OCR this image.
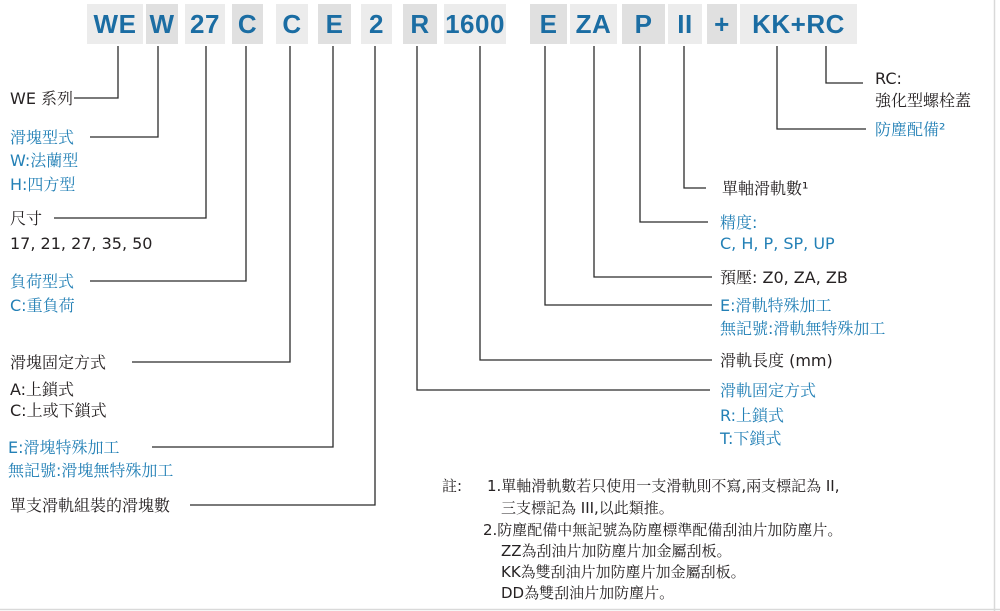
WE W 27 C C E 2	R 1600	E ZA P II + KK+RC
WE 系列
滑塊型式
W:法蘭型
H:四方型
尺寸
17, 21, 27, 35, 50
負荷型式
C:重負荷
滑塊固定方式
A:上鎖式
C:上或下鎖式
E:滑塊特殊加工
無記號:滑塊無特殊加工
單支滑軌組裝的滑塊數
RC:
強化型螺栓蓋
防塵配備²
單軸滑軌數¹
精度:
C, H, P, SP, UP
預壓: Z0, ZA, ZB
E:滑軌特殊加工
無記號:滑軌無特殊加工
滑軌長度 (mm)
滑軌固定方式
R:上鎖式
T:下鎖式
註: 1.單軸滑軌數若只使用一支滑軌則不寫,兩支標記為 II,
三支標記為 III,以此類推。
2.防塵配備中無記號為防塵標準配備刮油片加防塵片。
ZZ為刮油片加防塵片加金屬刮板。
KK為雙刮油片加防塵片加金屬刮板。
DD為雙刮油片加防塵片。
